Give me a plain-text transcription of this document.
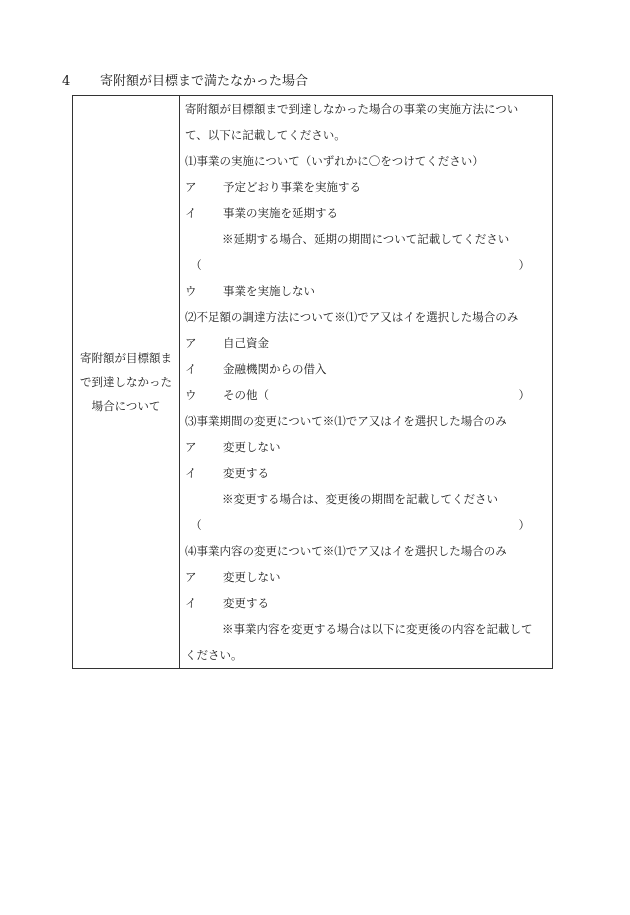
4 寄附額が目標まで満たなかった場合
寄附額が目標額ま
で到達しなかった
場合について

寄附額が目標額まで到達しなかった場合の事業の実施方法につい
て、以下に記載してください。
⑴事業の実施について（いずれかに〇をつけてください）
ア 予定どおり事業を実施する
イ 事業の実施を延期する
※延期する場合、延期の期間について記載してください
（	）
ウ 事業を実施しない
⑵不足額の調達方法について※⑴でア又はイを選択した場合のみ
ア 自己資金
イ 金融機関からの借入
ウ その他（	）
⑶事業期間の変更について※⑴でア又はイを選択した場合のみ
ア 変更しない
イ 変更する
※変更する場合は、変更後の期間を記載してください
（	）
⑷事業内容の変更について※⑴でア又はイを選択した場合のみ
ア 変更しない
イ 変更する
※事業内容を変更する場合は以下に変更後の内容を記載して
ください。
